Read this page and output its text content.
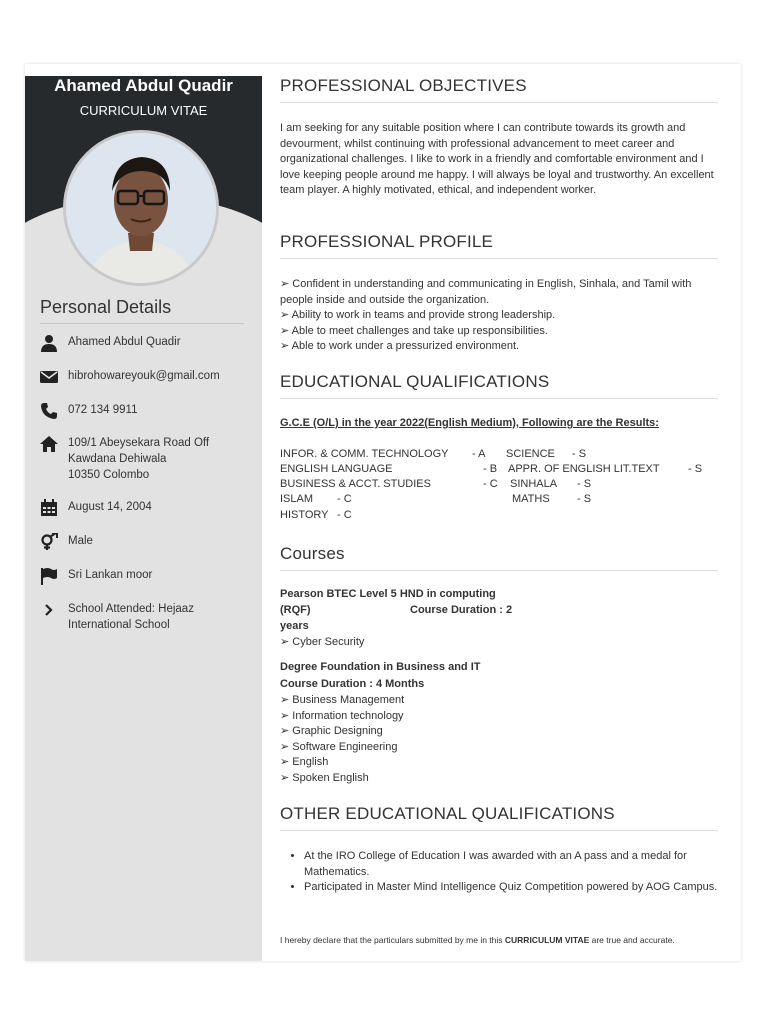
Ahamed Abdul Quadir
CURRICULUM VITAE
Personal Details
Ahamed Abdul Quadir
hibrohowareyouk@gmail.com
072 134 9911
109/1 Abeysekara Road Off
Kawdana Dehiwala
10350 Colombo
August 14, 2004
Male
Sri Lankan moor
School Attended: Hejaaz
International School
PROFESSIONAL OBJECTIVES
I am seeking for any suitable position where I can contribute towards its growth and devourment, whilst continuing with professional advancement to meet career and organizational challenges. I like to work in a friendly and comfortable environment and I love keeping people around me happy. I will always be loyal and trustworthy. An excellent team player. A highly motivated, ethical, and independent worker.
PROFESSIONAL PROFILE
➢ Confident in understanding and communicating in English, Sinhala, and Tamil with people inside and outside the organization.
➢ Ability to work in teams and provide strong leadership.
➢ Able to meet challenges and take up responsibilities.
➢ Able to work under a pressurized environment.
EDUCATIONAL QUALIFICATIONS
G.C.E (O/L) in the year 2022(English Medium), Following are the Results:
INFOR. & COMM. TECHNOLOGY - A SCIENCE - S
ENGLISH LANGUAGE	- B APPR. OF ENGLISH LIT.TEXT	- S
BUSINESS & ACCT. STUDIES	- C SINHALA - S
ISLAM - C	MATHS - S
HISTORY - C
Courses
Pearson BTEC Level 5 HND in computing
(RQF)	Course Duration : 2
years
➢ Cyber Security
Degree Foundation in Business and IT
Course Duration : 4 Months
➢ Business Management
➢ Information technology
➢ Graphic Designing
➢ Software Engineering
➢ English
➢ Spoken English
OTHER EDUCATIONAL QUALIFICATIONS
• At the IRO College of Education I was awarded with an A pass and a medal for Mathematics.
• Participated in Master Mind Intelligence Quiz Competition powered by AOG Campus.
I hereby declare that the particulars submitted by me in this CURRICULUM VITAE are true and accurate.
